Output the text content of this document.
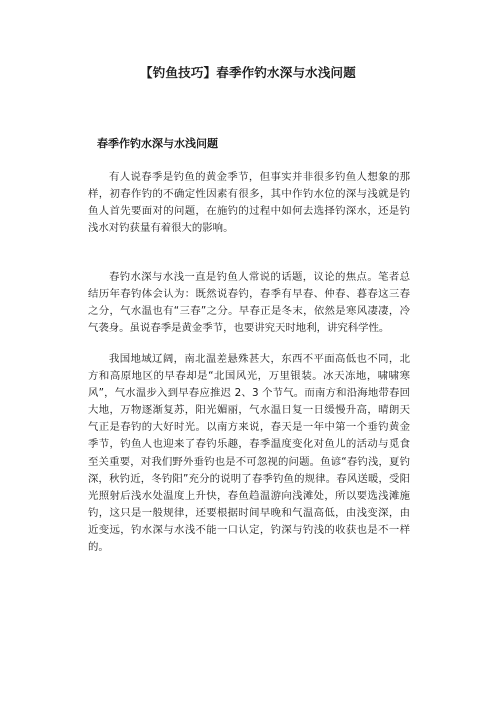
【钓鱼技巧】春季作钓水深与水浅问题
春季作钓水深与水浅问题

有人说春季是钓鱼的黄金季节，但事实并非很多钓鱼人想象的那样，初春作钓的不确定性因素有很多，其中作钓水位的深与浅就是钓鱼人首先要面对的问题，在施钓的过程中如何去选择钓深水，还是钓浅水对钓获量有着很大的影响。

春钓水深与水浅一直是钓鱼人常说的话题，议论的焦点。笔者总结历年春钓体会认为：既然说春钓，春季有早春、仲春、暮春这三春之分，气水温也有“三春”之分。早春正是冬末，依然是寒风凄凄，冷气袭身。虽说春季是黄金季节，也要讲究天时地利，讲究科学性。

我国地域辽阔，南北温差悬殊甚大，东西不平面高低也不同，北方和高原地区的早春却是“北国风光，万里银装。冰天冻地，啸啸寒风”，气水温步入到早春应推迟 2、3 个节气。而南方和沿海地带春回大地，万物逐渐复苏，阳光媚丽，气水温日复一日缓慢升高，晴朗天气正是春钓的大好时光。以南方来说，春天是一年中第一个垂钓黄金季节，钓鱼人也迎来了春钓乐趣，春季温度变化对鱼儿的活动与觅食至关重要，对我们野外垂钓也是不可忽视的问题。鱼谚“春钓浅，夏钓深，秋钓近，冬钓阳”充分的说明了春季钓鱼的规律。春风送暖，受阳光照射后浅水处温度上升快，春鱼趋温游向浅滩处，所以要选浅滩施钓，这只是一般规律，还要根据时间早晚和气温高低，由浅变深，由近变远，钓水深与水浅不能一口认定，钓深与钓浅的收获也是不一样的。
